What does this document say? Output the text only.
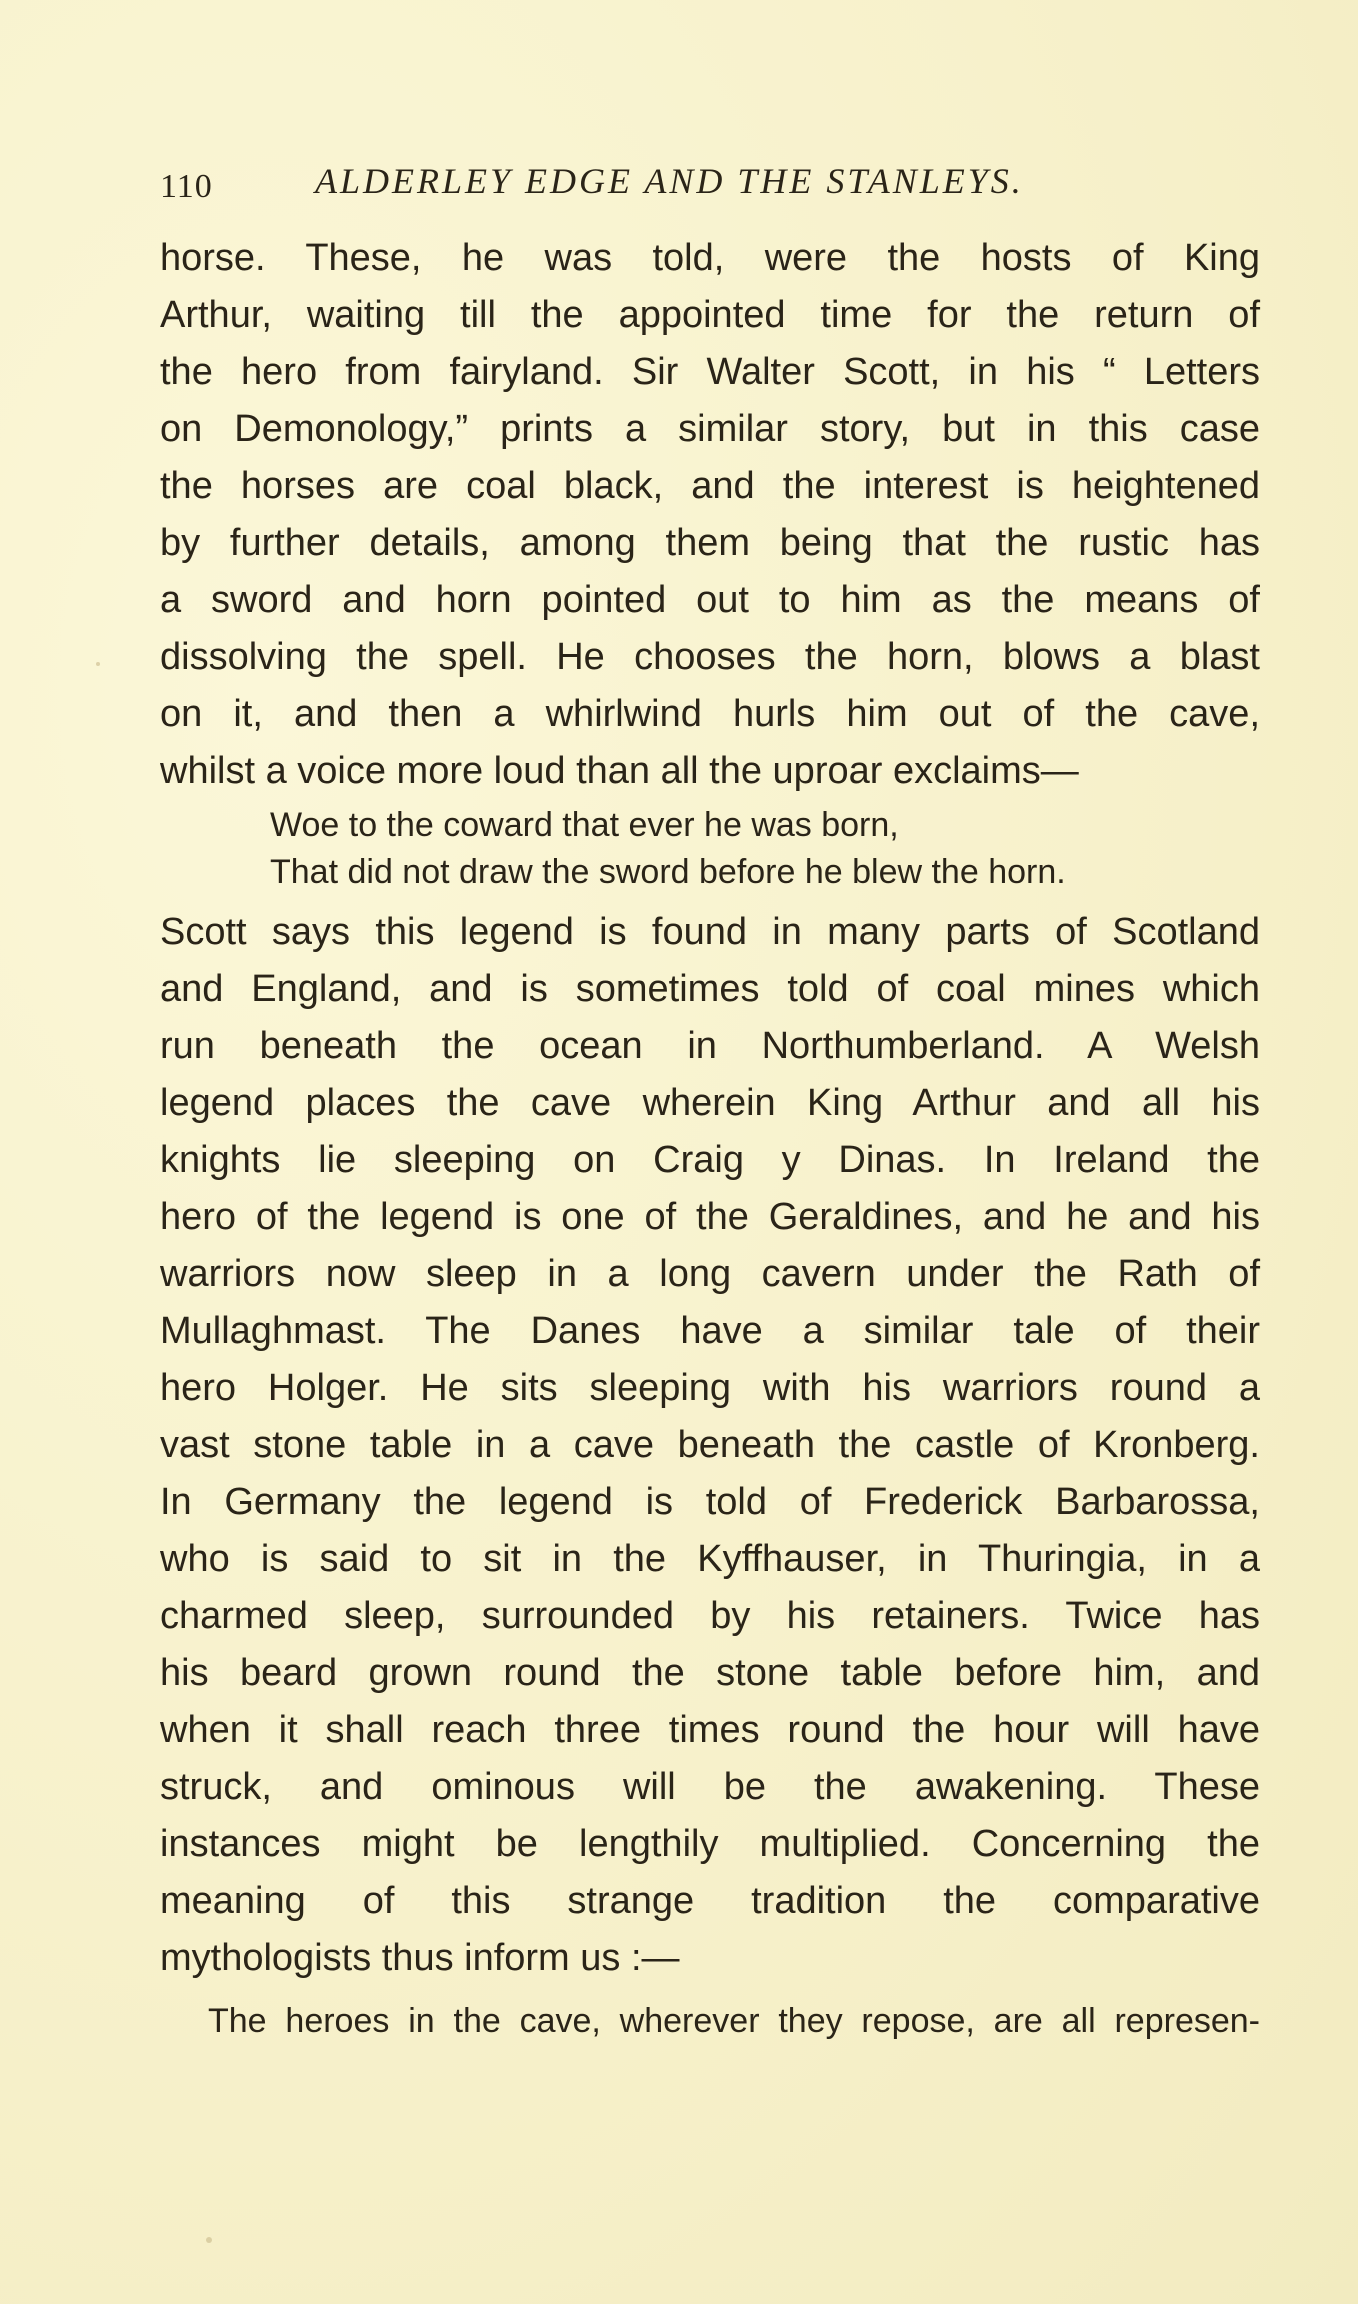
110	ALDERLEY EDGE AND THE STANLEYS.
horse. These, he was told, were the hosts of King
Arthur, waiting till the appointed time for the return of
the hero from fairyland. Sir Walter Scott, in his “ Letters
on Demonology,” prints a similar story, but in this case
the horses are coal black, and the interest is heightened
by further details, among them being that the rustic has
a sword and horn pointed out to him as the means of
dissolving the spell. He chooses the horn, blows a blast
on it, and then a whirlwind hurls him out of the cave,
whilst a voice more loud than all the uproar exclaims—
Woe to the coward that ever he was born,
That did not draw the sword before he blew the horn.
Scott says this legend is found in many parts of Scotland
and England, and is sometimes told of coal mines which
run beneath the ocean in Northumberland. A Welsh
legend places the cave wherein King Arthur and all his
knights lie sleeping on Craig y Dinas. In Ireland the
hero of the legend is one of the Geraldines, and he and his
warriors now sleep in a long cavern under the Rath of
Mullaghmast. The Danes have a similar tale of their
hero Holger. He sits sleeping with his warriors round a
vast stone table in a cave beneath the castle of Kronberg.
In Germany the legend is told of Frederick Barbarossa,
who is said to sit in the Kyffhauser, in Thuringia, in a
charmed sleep, surrounded by his retainers. Twice has
his beard grown round the stone table before him, and
when it shall reach three times round the hour will have
struck, and ominous will be the awakening. These
instances might be lengthily multiplied. Concerning the
meaning of this strange tradition the comparative
mythologists thus inform us :—
The heroes in the cave, wherever they repose, are all represen-
